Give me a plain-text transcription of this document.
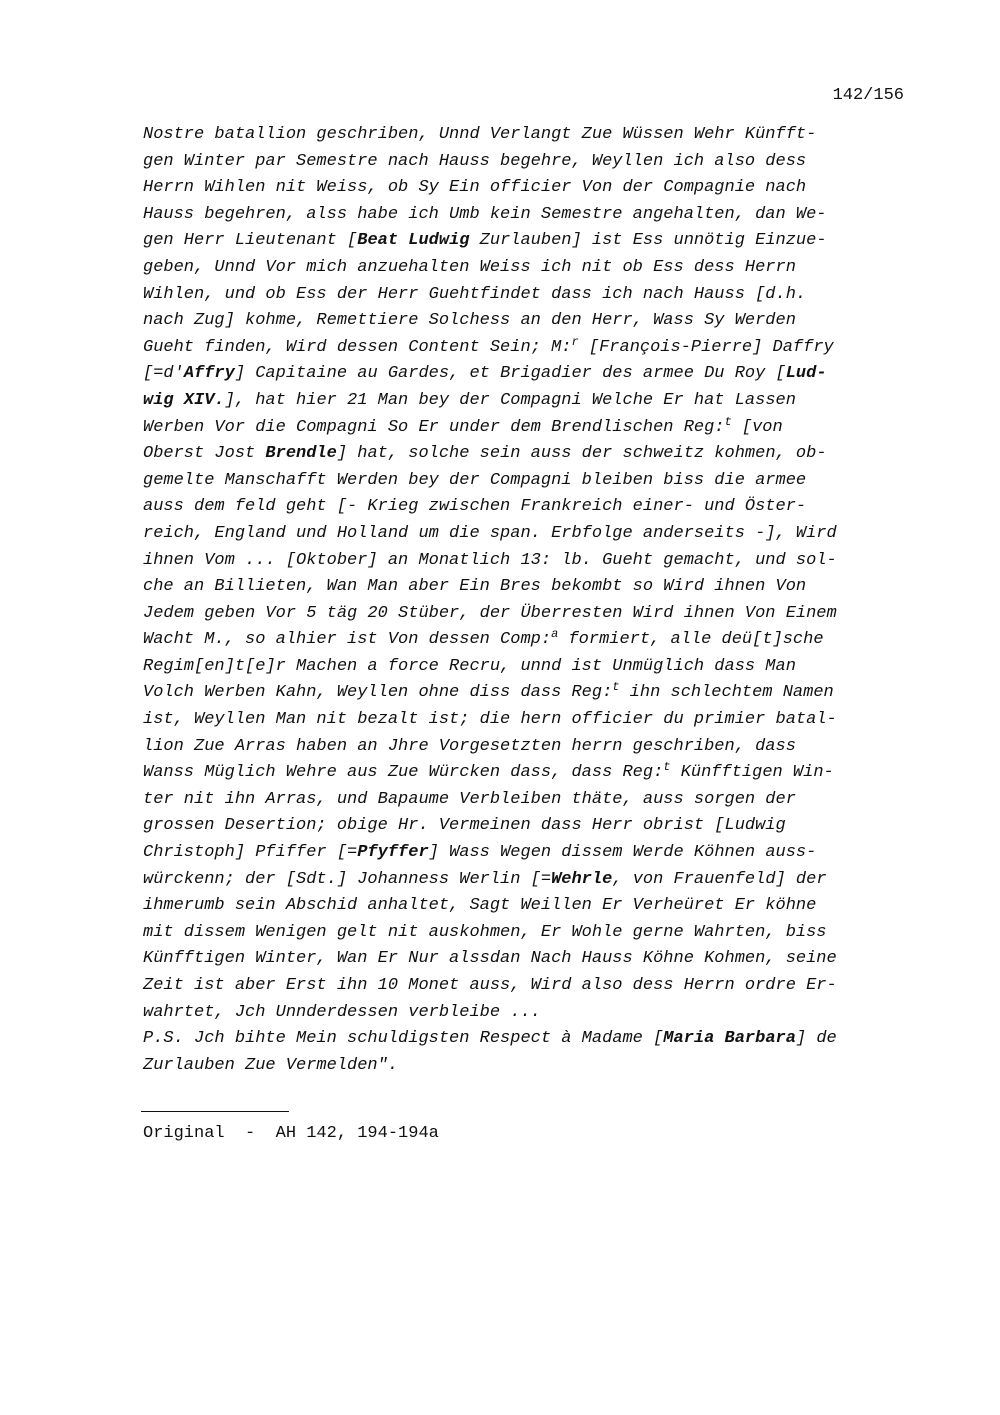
142/156
Nostre batallion geschriben, Unnd Verlangt Zue Wüssen Wehr Künfft-
gen Winter par Semestre nach Hauss begehre, Weyllen ich also dess
Herrn Wihlen nit Weiss, ob Sy Ein officier Von der Compagnie nach
Hauss begehren, alss habe ich Umb kein Semestre angehalten, dan We-
gen Herr Lieutenant [Beat Ludwig Zurlauben] ist Ess unnötig Einzue-
geben, Unnd Vor mich anzuehalten Weiss ich nit ob Ess dess Herrn
Wihlen, und ob Ess der Herr Guehtfindet dass ich nach Hauss [d.h.
nach Zug] kohme, Remettiere Solchess an den Herr, Wass Sy Werden
Gueht finden, Wird dessen Content Sein; M:$^r$ [François-Pierre] Daffry
[=d'Affry] Capitaine au Gardes, et Brigadier des armee Du Roy [Lud-
wig XIV.], hat hier 21 Man bey der Compagni Welche Er hat Lassen
Werben Vor die Compagni So Er under dem Brendlischen Reg:$^t$ [von
Oberst Jost Brendle] hat, solche sein auss der schweitz kohmen, ob-
gemelte Manschafft Werden bey der Compagni bleiben biss die armee
auss dem feld geht [- Krieg zwischen Frankreich einer- und Öster-
reich, England und Holland um die span. Erbfolge anderseits -], Wird
ihnen Vom ... [Oktober] an Monatlich 13: lb. Gueht gemacht, und sol-
che an Billieten, Wan Man aber Ein Bres bekombt so Wird ihnen Von
Jedem geben Vor 5 täg 20 Stüber, der Überresten Wird ihnen Von Einem
Wacht M., so alhier ist Von dessen Comp:$^a$ formiert, alle deü[t]sche
Regim[en]t[e]r Machen a force Recru, unnd ist Unmüglich dass Man
Volch Werben Kahn, Weyllen ohne diss dass Reg:$^t$ ihn schlechtem Namen
ist, Weyllen Man nit bezalt ist; die hern officier du primier batal-
lion Zue Arras haben an Jhre Vorgesetzten herrn geschriben, dass
Wanss Müglich Wehre aus Zue Würcken dass, dass Reg:$^t$ Künfftigen Win-
ter nit ihn Arras, und Bapaume Verbleiben thäte, auss sorgen der
grossen Desertion; obige Hr. Vermeinen dass Herr obrist [Ludwig
Christoph] Pfiffer [=Pfyffer] Wass Wegen dissem Werde Köhnen auss-
würckenn; der [Sdt.] Johanness Werlin [=Wehrle, von Frauenfeld] der
ihmerumb sein Abschid anhaltet, Sagt Weillen Er Verheüret Er köhne
mit dissem Wenigen gelt nit auskohmen, Er Wohle gerne Wahrten, biss
Künfftigen Winter, Wan Er Nur alssdan Nach Hauss Köhne Kohmen, seine
Zeit ist aber Erst ihn 10 Monet auss, Wird also dess Herrn ordre Er-
wahrtet, Jch Unnderdessen verbleibe ...
P.S. Jch bihte Mein schuldigsten Respect à Madame [Maria Barbara] de
Zurlauben Zue Vermelden".
Original  -  AH 142, 194-194a
